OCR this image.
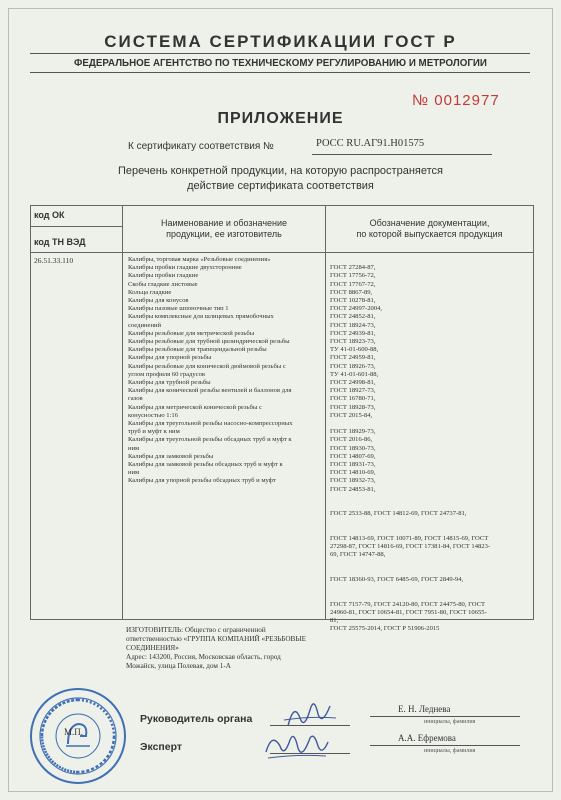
СИСТЕМА СЕРТИФИКАЦИИ ГОСТ Р
ФЕДЕРАЛЬНОЕ АГЕНТСТВО ПО ТЕХНИЧЕСКОМУ РЕГУЛИРОВАНИЮ И МЕТРОЛОГИИ
№ 0012977
ПРИЛОЖЕНИЕ
К сертификату соответствия №	РОСС RU.АГ91.Н01575
Перечень конкретной продукции, на которую распространяется
действие сертификата соответствия
код ОК
код ТН ВЭД
Наименование и обозначение
продукции, ее изготовитель
Обозначение документации,
по которой выпускается продукция
26.51.33.110	Калибры, торговая марка «Резьбовые соединения»
Калибры пробки гладкие двухсторонние
Калибры пробки гладкие
Скобы гладкие листовые
Кольца гладкие
Калибры для конусов
Калибры пазовые шпоночные тип 1
Калибры комплексные для шлицевых прямобочных
соединений
Калибры резьбовые для метрической резьбы
Калибры резьбовые для трубной цилиндрической резьбы
Калибры резьбовые для трапецеидальной резьбы
Калибры для упорной резьбы
Калибры резьбовые для конической дюймовой резьбы с
углом профиля 60 градусов
Калибры для трубной резьбы
Калибры для конической резьбы вентилей и баллонов для
газов
Калибры для метрической конической резьбы с
конусностью 1:16
Калибры для треугольной резьбы насосно-компрессорных
труб и муфт к ним
Калибры для треугольной резьбы обсадных труб и муфт к
ним
Калибры для замковой резьбы
Калибры для замковой резьбы обсадных труб и муфт к
ним
Калибры для упорной резьбы обсадных труб и муфт

ГОСТ 27284-87,
ГОСТ 17756-72,
ГОСТ 17767-72,
ГОСТ 8867-89,
ГОСТ 10278-81,
ГОСТ 24997-2004,
ГОСТ 24852-81,
ГОСТ 18924-73,
ГОСТ 24939-81,
ГОСТ 18923-73,
ТУ 41-01-600-88,
ГОСТ 24959-81,
ГОСТ 18926-73,
ТУ 41-01-601-88,
ГОСТ 24998-81,
ГОСТ 18927-73,
ГОСТ 16780-71,
ГОСТ 18928-73,
ГОСТ 2015-84,

ГОСТ 18929-73,
ГОСТ 2016-86,
ГОСТ 18930-73,
ГОСТ 14807-69,
ГОСТ 18931-73,
ГОСТ 14810-69,
ГОСТ 18932-73,
ГОСТ 24853-81,

ГОСТ 2533-88, ГОСТ 14812-69, ГОСТ 24737-81,

ГОСТ 14813-69, ГОСТ 10071-89, ГОСТ 14815-69, ГОСТ
27298-87, ГОСТ 14816-69, ГОСТ 17381-84, ГОСТ 14823-
69, ГОСТ 14747-88,

ГОСТ 18360-93, ГОСТ 6485-69, ГОСТ 2849-94,

ГОСТ 7157-79, ГОСТ 24120-80, ГОСТ 24475-80, ГОСТ
24960-81, ГОСТ 10654-81, ГОСТ 7951-80, ГОСТ 10655-
81,
ГОСТ 25575-2014, ГОСТ Р 51906-2015
ИЗГОТОВИТЕЛЬ: Общество с ограниченной
ответственностью «ГРУППА КОМПАНИЙ «РЕЗЬБОВЫЕ
СОЕДИНЕНИЯ»
Адрес: 143200, Россия, Московская область, город
Можайск, улица Полевая, дом 1-А
М.П.
Руководитель органа
Эксперт
Е. Н. Леднева
инициалы, фамилия
А.А. Ефремова
инициалы, фамилия
